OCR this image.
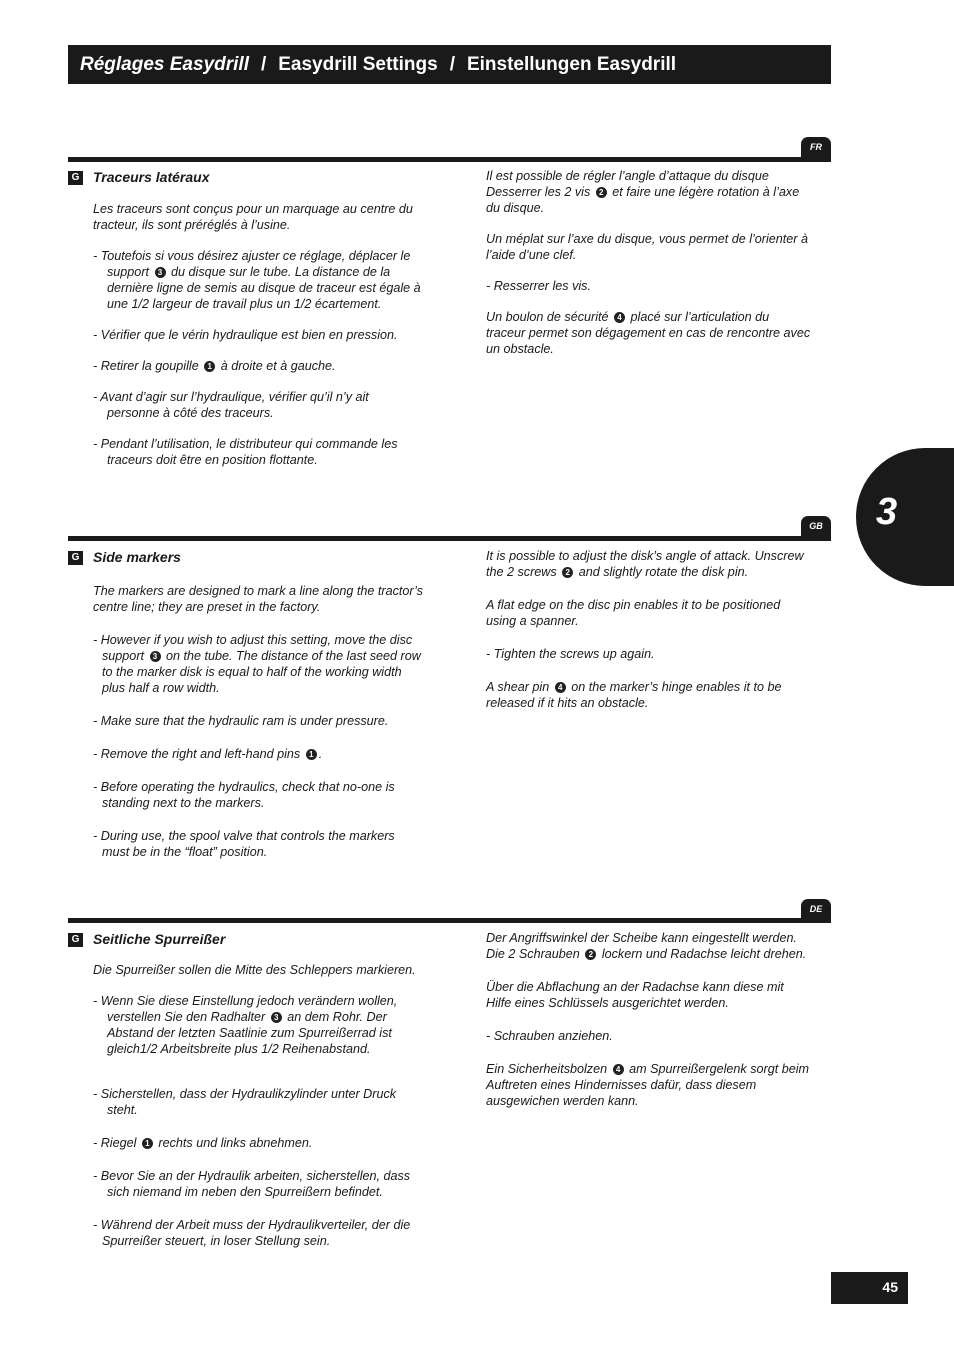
Réglages Easydrill / Easydrill Settings / Einstellungen Easydrill
FR
G Traceurs latéraux

Les traceurs sont conçus pour un marquage au centre du tracteur, ils sont préréglés à l’usine.

- Toutefois si vous désirez ajuster ce réglage, déplacer le support 3 du disque sur le tube. La distance de la dernière ligne de semis au disque de traceur est égale à une 1/2 largeur de travail plus un 1/2 écartement.

- Vérifier que le vérin hydraulique est bien en pression.

- Retirer la goupille 1 à droite et à gauche.

- Avant d’agir sur l’hydraulique, vérifier qu’il n’y ait personne à côté des traceurs.

- Pendant l’utilisation, le distributeur qui commande les traceurs doit être en position flottante.

Il est possible de régler l’angle d’attaque du disque Desserrer les 2 vis 2 et faire une légère rotation à l’axe du disque.

Un méplat sur l’axe du disque, vous permet de l’orienter à l’aide d’une clef.

- Resserrer les vis.

Un boulon de sécurité 4 placé sur l’articulation du traceur permet son dégagement en cas de rencontre avec un obstacle.

3
GB
G Side markers

The markers are designed to mark a line along the tractor’s centre line; they are preset in the factory.

- However if you wish to adjust this setting, move the disc support 3 on the tube. The distance of the last seed row to the marker disk is equal to half of the working width plus half a row width.

- Make sure that the hydraulic ram is under pressure.

- Remove the right and left-hand pins 1 .

- Before operating the hydraulics, check that no-one is standing next to the markers.

- During use, the spool valve that controls the markers must be in the “float” position.

It is possible to adjust the disk’s angle of attack. Unscrew the 2 screws 2 and slightly rotate the disk pin.

A flat edge on the disc pin enables it to be positioned using a spanner.

- Tighten the screws up again.

A shear pin 4 on the marker’s hinge enables it to be released if it hits an obstacle.

DE
G Seitliche Spurreißer

Die Spurreißer sollen die Mitte des Schleppers markieren.

- Wenn Sie diese Einstellung jedoch verändern wollen, verstellen Sie den Radhalter 3 an dem Rohr. Der Abstand der letzten Saatlinie zum Spurreißerrad ist gleich1/2 Arbeitsbreite plus 1/2 Reihenabstand.

- Sicherstellen, dass der Hydraulikzylinder unter Druck steht.

- Riegel 1 rechts und links abnehmen.

- Bevor Sie an der Hydraulik arbeiten, sicherstellen, dass sich niemand im neben den Spurreißern befindet.

- Während der Arbeit muss der Hydraulikverteiler, der die Spurreißer steuert, in loser Stellung sein.

Der Angriffswinkel der Scheibe kann eingestellt werden. Die 2 Schrauben 2 lockern und Radachse leicht drehen.

Über die Abflachung an der Radachse kann diese mit Hilfe eines Schlüssels ausgerichtet werden.

- Schrauben anziehen.

Ein Sicherheitsbolzen 4 am Spurreißergelenk sorgt beim Auftreten eines Hindernisses dafür, dass diesem ausgewichen werden kann.

45
